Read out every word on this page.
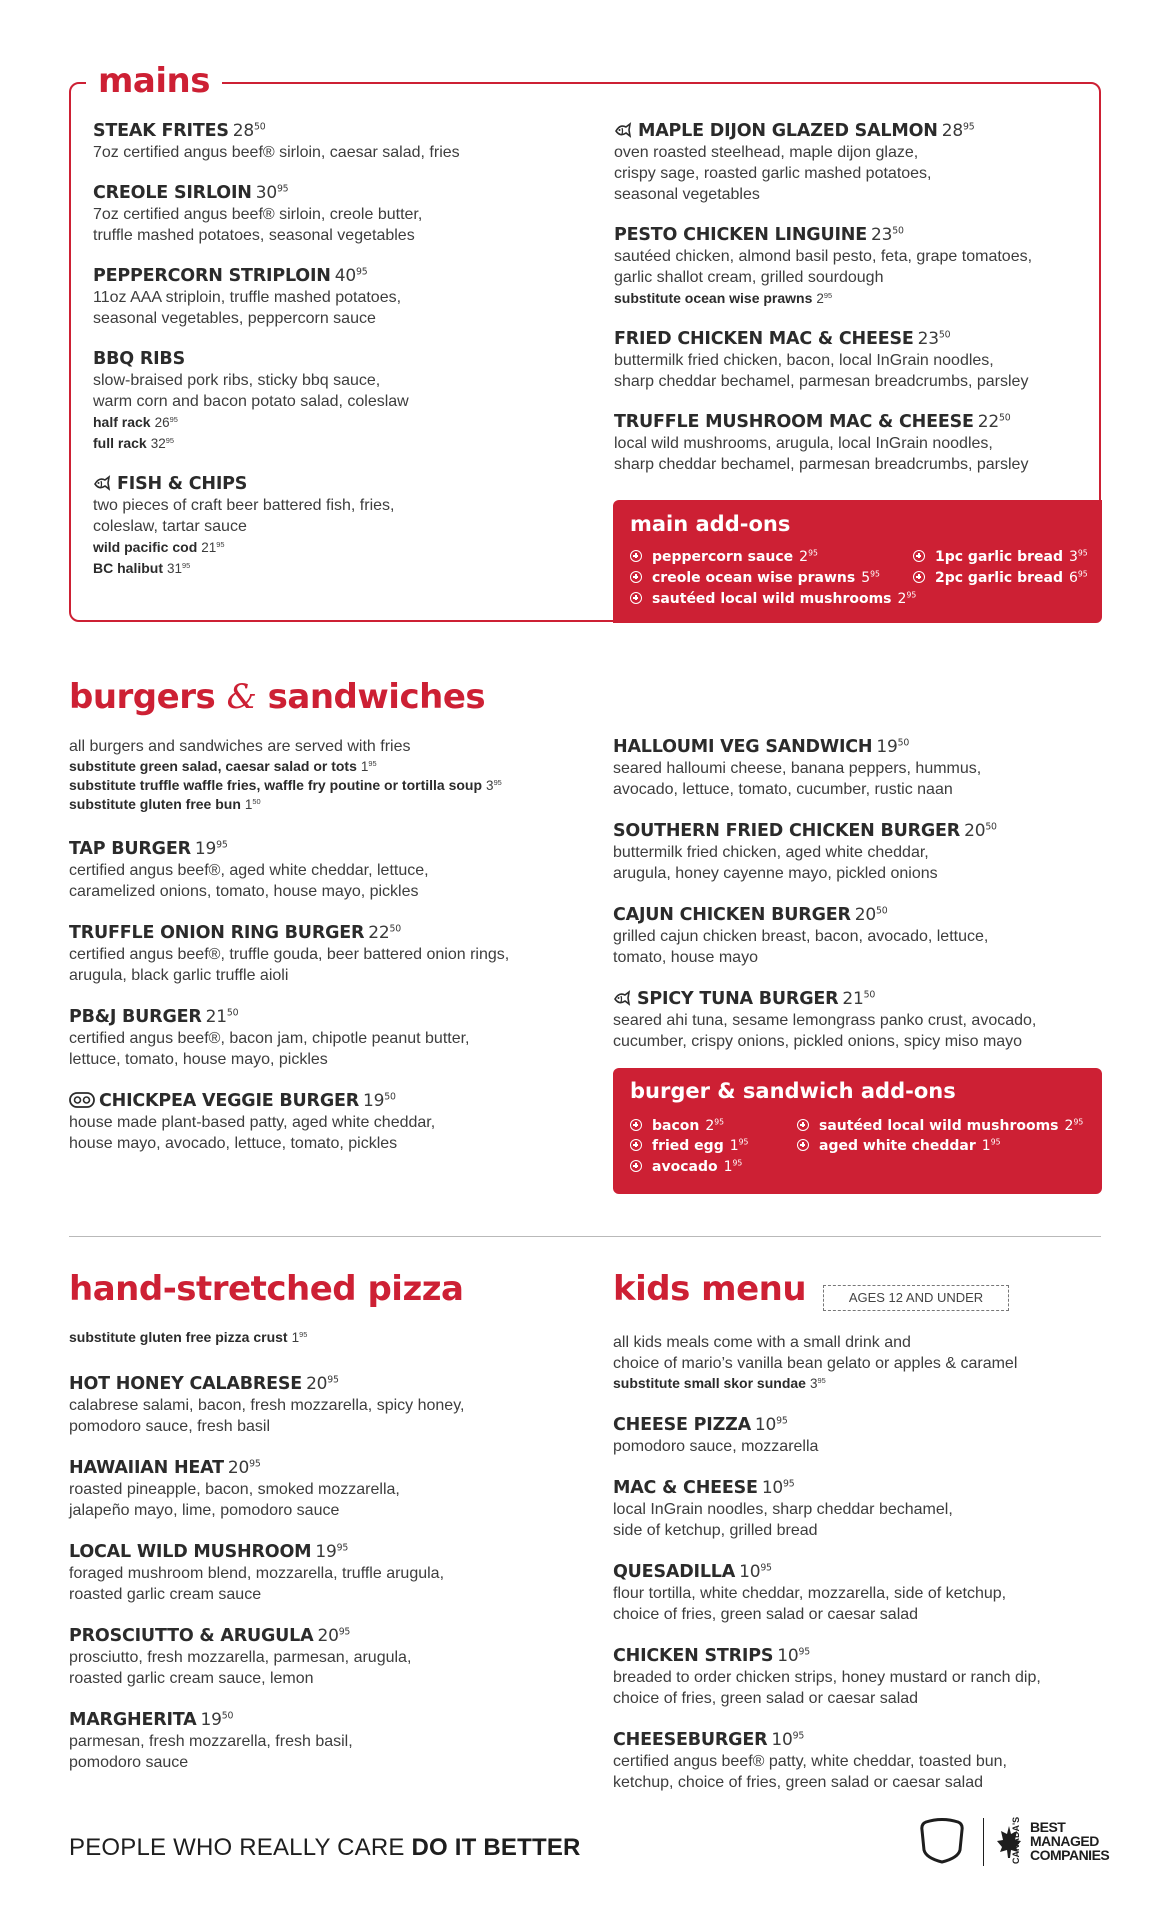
mains
STEAK FRITES $28^{50}$
7oz certified angus beef® sirloin, caesar salad, fries
CREOLE SIRLOIN $30^{95}$
7oz certified angus beef® sirloin, creole butter,
truffle mashed potatoes, seasonal vegetables
PEPPERCORN STRIPLOIN $40^{95}$
11oz AAA striploin, truffle mashed potatoes,
seasonal vegetables, peppercorn sauce
BBQ RIBS
slow-braised pork ribs, sticky bbq sauce,
warm corn and bacon potato salad, coleslaw
half rack $26^{95}$
full rack $32^{95}$
FISH & CHIPS
two pieces of craft beer battered fish, fries,
coleslaw, tartar sauce
wild pacific cod $21^{95}$
BC halibut $31^{95}$
MAPLE DIJON GLAZED SALMON $28^{95}$
oven roasted steelhead, maple dijon glaze,
crispy sage, roasted garlic mashed potatoes,
seasonal vegetables
PESTO CHICKEN LINGUINE $23^{50}$
sautéed chicken, almond basil pesto, feta, grape tomatoes,
garlic shallot cream, grilled sourdough
substitute ocean wise prawns $2^{95}$
FRIED CHICKEN MAC & CHEESE $23^{50}$
buttermilk fried chicken, bacon, local InGrain noodles,
sharp cheddar bechamel, parmesan breadcrumbs, parsley
TRUFFLE MUSHROOM MAC & CHEESE $22^{50}$
local wild mushrooms, arugula, local InGrain noodles,
sharp cheddar bechamel, parmesan breadcrumbs, parsley
main add-ons
peppercorn sauce $2^{95}$
creole ocean wise prawns $5^{95}$
sautéed local wild mushrooms $2^{95}$
1pc garlic bread $3^{95}$
2pc garlic bread $6^{95}$
burgers & sandwiches
all burgers and sandwiches are served with fries
substitute green salad, caesar salad or tots $1^{95}$
substitute truffle waffle fries, waffle fry poutine or tortilla soup $3^{95}$
substitute gluten free bun $1^{50}$
TAP BURGER $19^{95}$
certified angus beef®, aged white cheddar, lettuce,
caramelized onions, tomato, house mayo, pickles
TRUFFLE ONION RING BURGER $22^{50}$
certified angus beef®, truffle gouda, beer battered onion rings,
arugula, black garlic truffle aioli
PB&J BURGER $21^{50}$
certified angus beef®, bacon jam, chipotle peanut butter,
lettuce, tomato, house mayo, pickles
CHICKPEA VEGGIE BURGER $19^{50}$
house made plant-based patty, aged white cheddar,
house mayo, avocado, lettuce, tomato, pickles
HALLOUMI VEG SANDWICH $19^{50}$
seared halloumi cheese, banana peppers, hummus,
avocado, lettuce, tomato, cucumber, rustic naan
SOUTHERN FRIED CHICKEN BURGER $20^{50}$
buttermilk fried chicken, aged white cheddar,
arugula, honey cayenne mayo, pickled onions
CAJUN CHICKEN BURGER $20^{50}$
grilled cajun chicken breast, bacon, avocado, lettuce,
tomato, house mayo
SPICY TUNA BURGER $21^{50}$
seared ahi tuna, sesame lemongrass panko crust, avocado,
cucumber, crispy onions, pickled onions, spicy miso mayo
burger & sandwich add-ons
bacon $2^{95}$
fried egg $1^{95}$
avocado $1^{95}$
sautéed local wild mushrooms $2^{95}$
aged white cheddar $1^{95}$
hand-stretched pizza
substitute gluten free pizza crust $1^{95}$
HOT HONEY CALABRESE $20^{95}$
calabrese salami, bacon, fresh mozzarella, spicy honey,
pomodoro sauce, fresh basil
HAWAIIAN HEAT $20^{95}$
roasted pineapple, bacon, smoked mozzarella,
jalapeño mayo, lime, pomodoro sauce
LOCAL WILD MUSHROOM $19^{95}$
foraged mushroom blend, mozzarella, truffle arugula,
roasted garlic cream sauce
PROSCIUTTO & ARUGULA $20^{95}$
prosciutto, fresh mozzarella, parmesan, arugula,
roasted garlic cream sauce, lemon
MARGHERITA $19^{50}$
parmesan, fresh mozzarella, fresh basil,
pomodoro sauce
kids menu	AGES 12 AND UNDER
all kids meals come with a small drink and
choice of mario’s vanilla bean gelato or apples & caramel
substitute small skor sundae $3^{95}$
CHEESE PIZZA $10^{95}$
pomodoro sauce, mozzarella
MAC & CHEESE $10^{95}$
local InGrain noodles, sharp cheddar bechamel,
side of ketchup, grilled bread
QUESADILLA $10^{95}$
flour tortilla, white cheddar, mozzarella, side of ketchup,
choice of fries, green salad or caesar salad
CHICKEN STRIPS $10^{95}$
breaded to order chicken strips, honey mustard or ranch dip,
choice of fries, green salad or caesar salad
CHEESEBURGER $10^{95}$
certified angus beef® patty, white cheddar, toasted bun,
ketchup, choice of fries, green salad or caesar salad
PEOPLE WHO REALLY CARE DO IT BETTER	CANADA'S BEST
MANAGED
COMPANIES
